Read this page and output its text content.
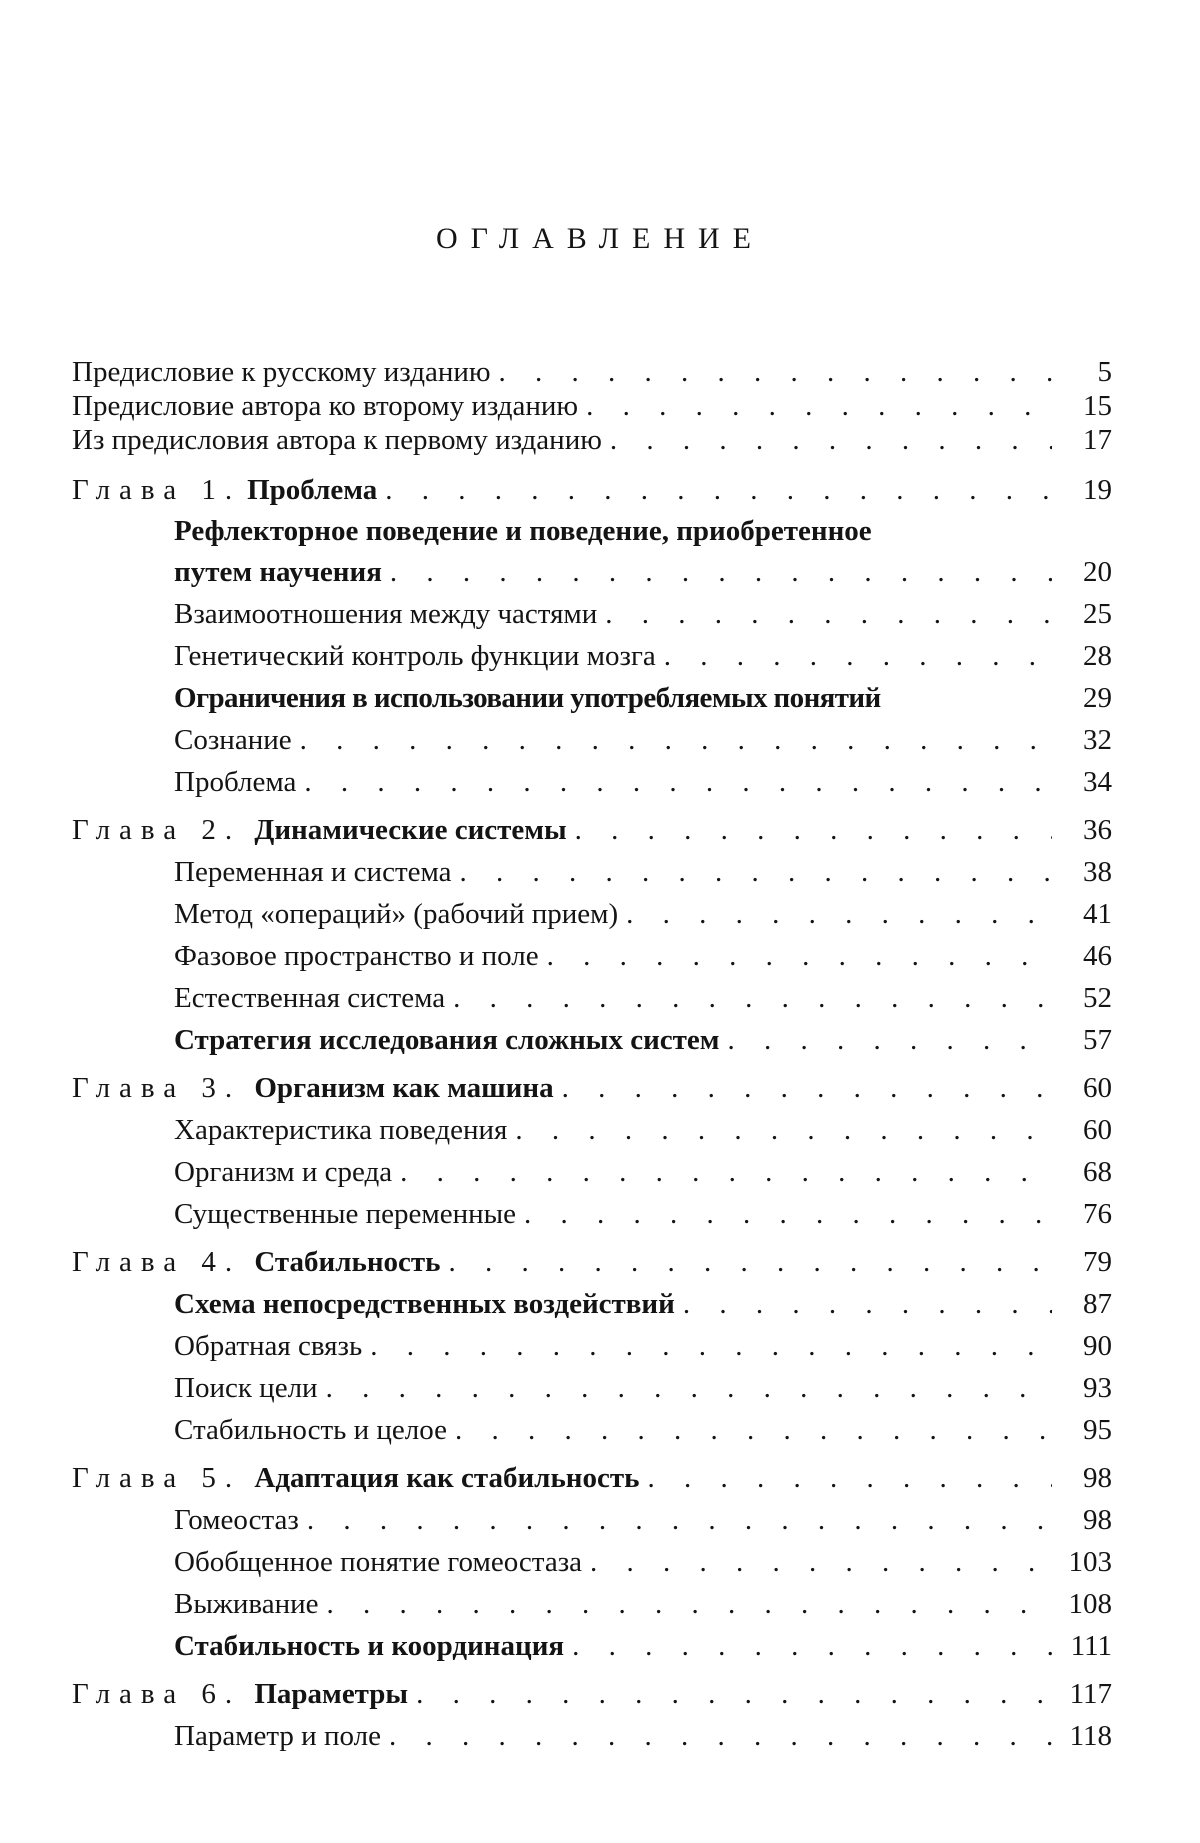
ОГЛАВЛЕНИЕ
Предисловие к русскому изданию . . .	5
Предисловие автора ко второму изданию . . .	15
Из предисловия автора к первому изданию . . .	17
Глава 1. Проблема . . .	19
Рефлекторное поведение и поведение, приобретенное
путем научения . . .	20
Взаимоотношения между частями . . .	25
Генетический контроль функции мозга . . .	28
Ограничения в использовании употребляемых понятий	29
Сознание . . .	32
Проблема . . .	34
Глава 2. Динамические системы . . .	36
Переменная и система . . .	38
Метод «операций» (рабочий прием) . . .	41
Фазовое пространство и поле . . .	46
Естественная система . . .	52
Стратегия исследования сложных систем . . .	57
Глава 3. Организм как машина . . .	60
Характеристика поведения . . .	60
Организм и среда . . .	68
Существенные переменные . . .	76
Глава 4. Стабильность . . .	79
Схема непосредственных воздействий . . .	87
Обратная связь . . .	90
Поиск цели . . .	93
Стабильность и целое . . .	95
Глава 5. Адаптация как стабильность . . .	98
Гомеостаз . . .	98
Обобщенное понятие гомеостаза . . .	103
Выживание . . .	108
Стабильность и координация . . .	111
Глава 6. Параметры . . .	117
Параметр и поле . . .	118
